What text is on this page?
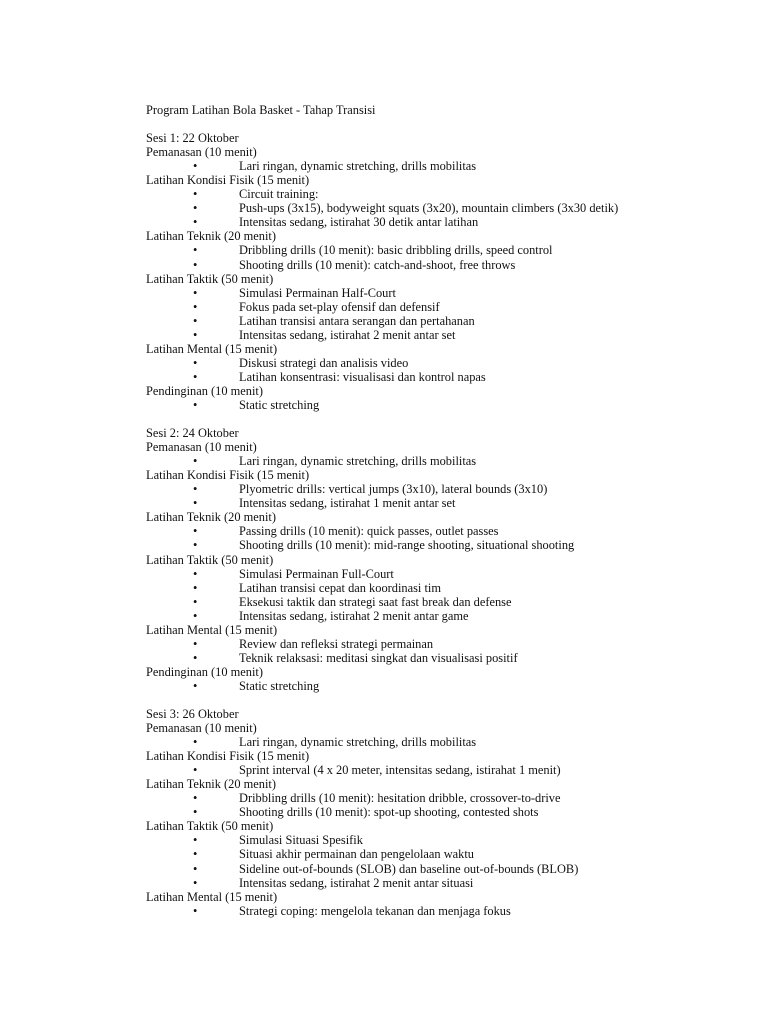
Program Latihan Bola Basket - Tahap Transisi
Sesi 1: 22 Oktober
Pemanasan (10 menit)
•	Lari ringan, dynamic stretching, drills mobilitas
Latihan Kondisi Fisik (15 menit)
•	Circuit training:
•	Push-ups (3x15), bodyweight squats (3x20), mountain climbers (3x30 detik)
•	Intensitas sedang, istirahat 30 detik antar latihan
Latihan Teknik (20 menit)
•	Dribbling drills (10 menit): basic dribbling drills, speed control
•	Shooting drills (10 menit): catch-and-shoot, free throws
Latihan Taktik (50 menit)
•	Simulasi Permainan Half-Court
•	Fokus pada set-play ofensif dan defensif
•	Latihan transisi antara serangan dan pertahanan
•	Intensitas sedang, istirahat 2 menit antar set
Latihan Mental (15 menit)
•	Diskusi strategi dan analisis video
•	Latihan konsentrasi: visualisasi dan kontrol napas
Pendinginan (10 menit)
•	Static stretching
Sesi 2: 24 Oktober
Pemanasan (10 menit)
•	Lari ringan, dynamic stretching, drills mobilitas
Latihan Kondisi Fisik (15 menit)
•	Plyometric drills: vertical jumps (3x10), lateral bounds (3x10)
•	Intensitas sedang, istirahat 1 menit antar set
Latihan Teknik (20 menit)
•	Passing drills (10 menit): quick passes, outlet passes
•	Shooting drills (10 menit): mid-range shooting, situational shooting
Latihan Taktik (50 menit)
•	Simulasi Permainan Full-Court
•	Latihan transisi cepat dan koordinasi tim
•	Eksekusi taktik dan strategi saat fast break dan defense
•	Intensitas sedang, istirahat 2 menit antar game
Latihan Mental (15 menit)
•	Review dan refleksi strategi permainan
•	Teknik relaksasi: meditasi singkat dan visualisasi positif
Pendinginan (10 menit)
•	Static stretching
Sesi 3: 26 Oktober
Pemanasan (10 menit)
•	Lari ringan, dynamic stretching, drills mobilitas
Latihan Kondisi Fisik (15 menit)
•	Sprint interval (4 x 20 meter, intensitas sedang, istirahat 1 menit)
Latihan Teknik (20 menit)
•	Dribbling drills (10 menit): hesitation dribble, crossover-to-drive
•	Shooting drills (10 menit): spot-up shooting, contested shots
Latihan Taktik (50 menit)
•	Simulasi Situasi Spesifik
•	Situasi akhir permainan dan pengelolaan waktu
•	Sideline out-of-bounds (SLOB) dan baseline out-of-bounds (BLOB)
•	Intensitas sedang, istirahat 2 menit antar situasi
Latihan Mental (15 menit)
•	Strategi coping: mengelola tekanan dan menjaga fokus
